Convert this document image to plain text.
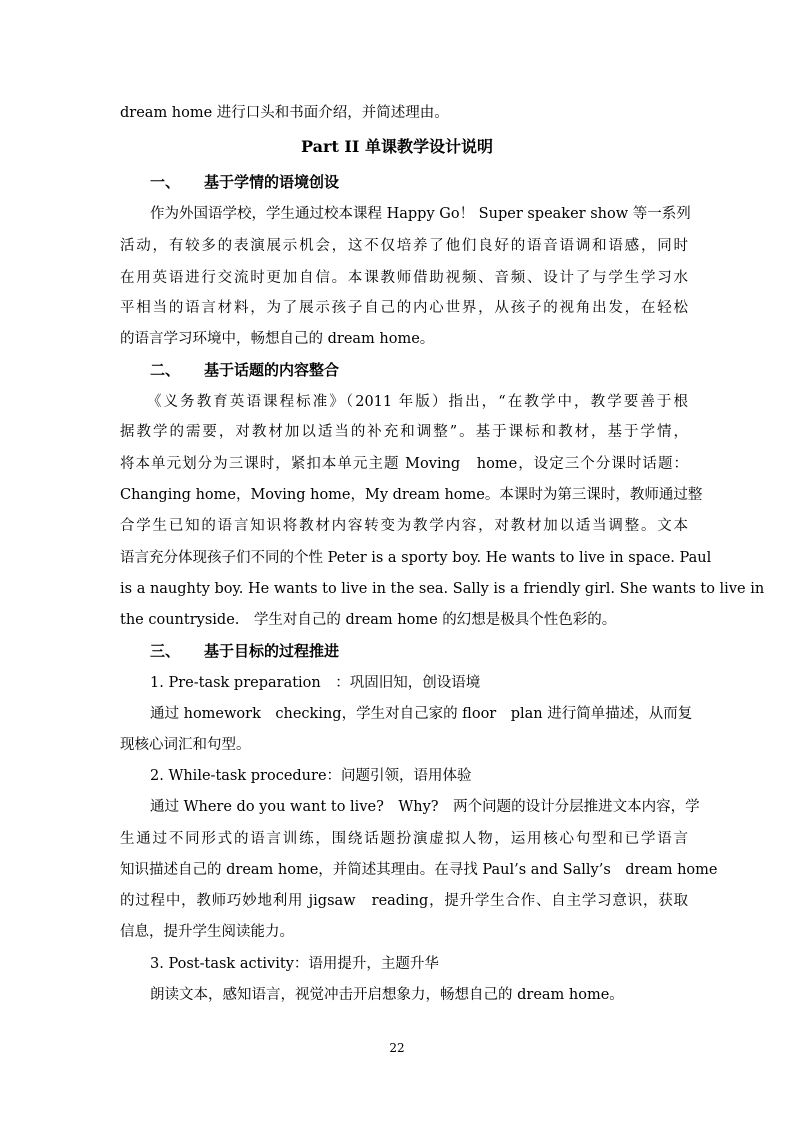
dream home 进行口头和书面介绍，并简述理由。
Part II 单课教学设计说明
一、 基于学情的语境创设
作为外国语学校，学生通过校本课程 Happy Go！ Super speaker show 等一系列
活动，有较多的表演展示机会，这不仅培养了他们良好的语音语调和语感，同时
在用英语进行交流时更加自信。本课教师借助视频、音频、设计了与学生学习水
平相当的语言材料，为了展示孩子自己的内心世界，从孩子的视角出发，在轻松
的语言学习环境中，畅想自己的 dream home。
二、 基于话题的内容整合
《义务教育英语课程标准》（2011 年版）指出，“在教学中，教学要善于根
据教学的需要，对教材加以适当的补充和调整”。基于课标和教材，基于学情，
将本单元划分为三课时，紧扣本单元主题 Moving　home，设定三个分课时话题：
Changing home，Moving home，My dream home。本课时为第三课时，教师通过整
合学生已知的语言知识将教材内容转变为教学内容，对教材加以适当调整。文本
语言充分体现孩子们不同的个性 Peter is a sporty boy. He wants to live in space. Paul
is a naughty boy. He wants to live in the sea. Sally is a friendly girl. She wants to live in
the countryside.　学生对自己的 dream home 的幻想是极具个性色彩的。
三、 基于目标的过程推进
1. Pre-task preparation　：巩固旧知，创设语境
通过 homework　checking，学生对自己家的 floor　plan 进行简单描述，从而复
现核心词汇和句型。
2. While-task procedure：问题引领，语用体验
通过 Where do you want to live?　Why?　两个问题的设计分层推进文本内容，学
生通过不同形式的语言训练，围绕话题扮演虚拟人物，运用核心句型和已学语言
知识描述自己的 dream home，并简述其理由。在寻找 Paul’s and Sally’s　dream home
的过程中，教师巧妙地利用 jigsaw　reading，提升学生合作、自主学习意识，获取
信息，提升学生阅读能力。
3. Post-task activity：语用提升，主题升华
朗读文本，感知语言，视觉冲击开启想象力，畅想自己的 dream home。
22
